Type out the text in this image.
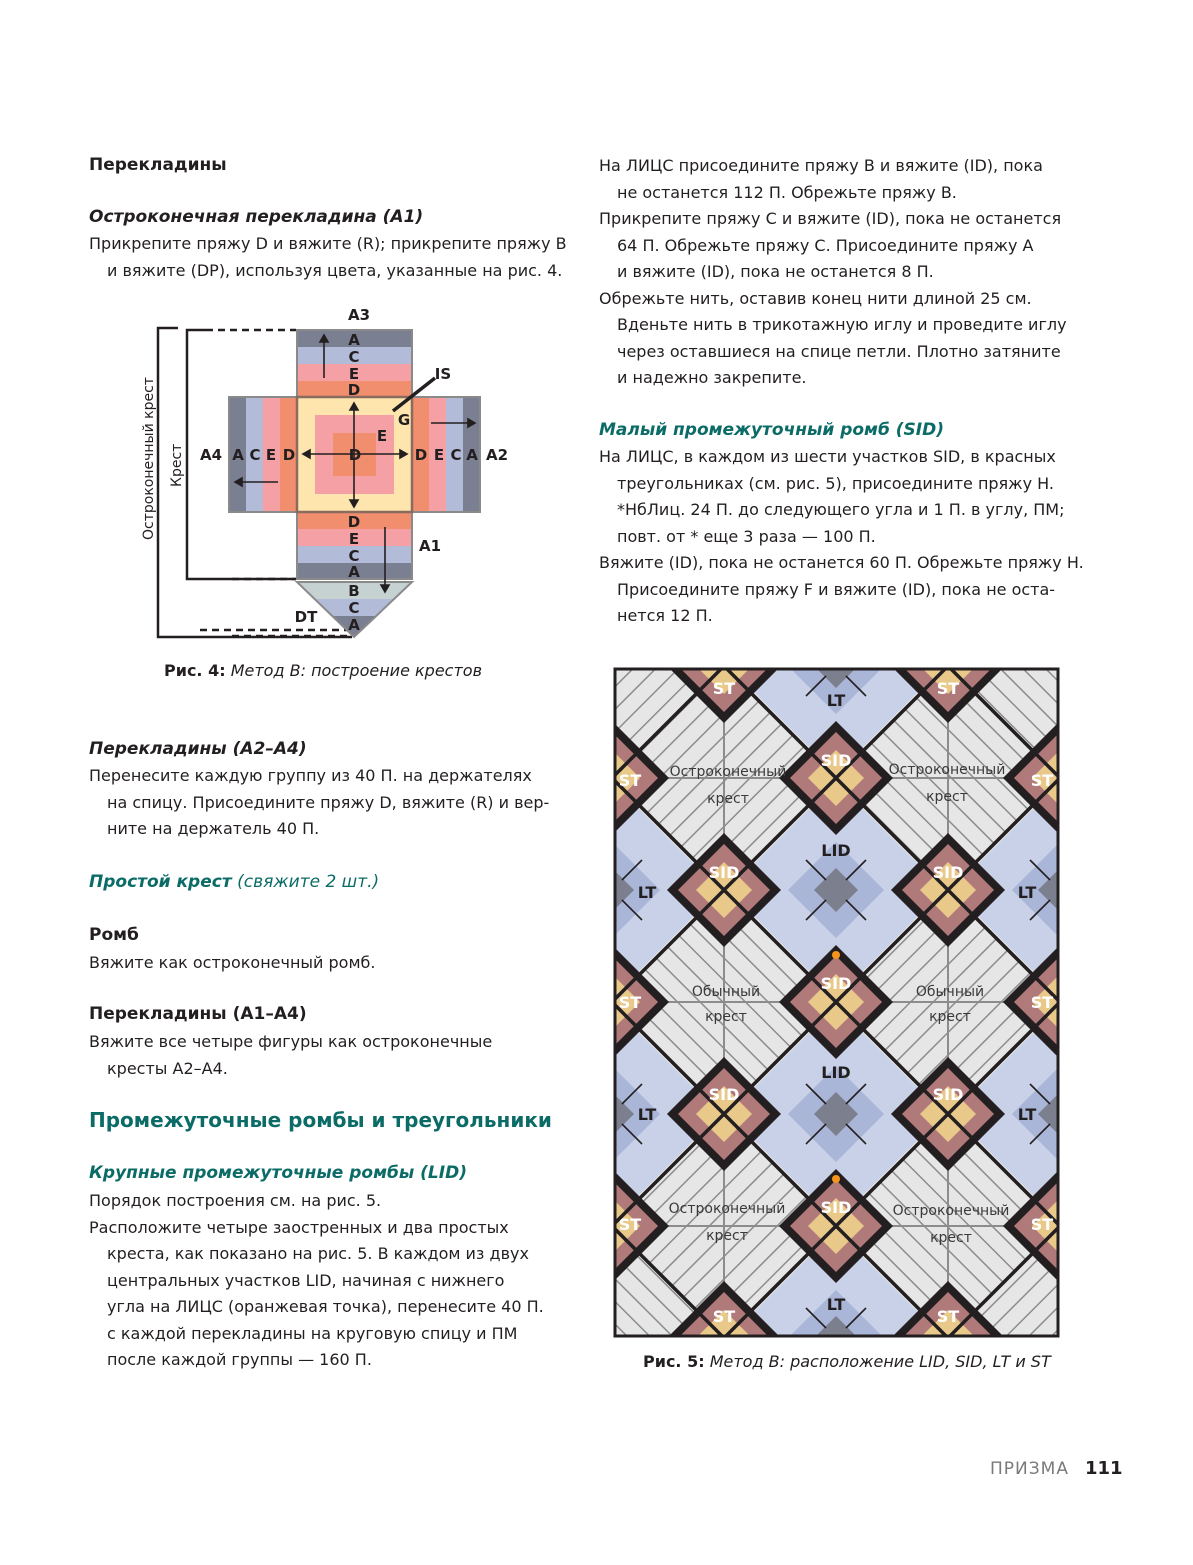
Перекладины
Остроконечная перекладина (A1)
Прикрепите пряжу D и вяжите (R); прикрепите пряжу B
и вяжите (DP), используя цвета, указанные на рис. 4.
Остроконечный крест Крест
A3
A
C
E
D
IS
G
E
D
A4 A C E D	D E C A A2
D
E
C
A
A1
B
C
A
DT
Рис. 4: Метод B: построение крестов
Перекладины (A2–A4)
Перенесите каждую группу из 40 П. на держателях
на спицу. Присоедините пряжу D, вяжите (R) и вер-
ните на держатель 40 П.
Простой крест (свяжите 2 шт.)
Ромб
Вяжите как остроконечный ромб.
Перекладины (A1–A4)
Вяжите все четыре фигуры как остроконечные
кресты A2–A4.
Промежуточные ромбы и треугольники
Крупные промежуточные ромбы (LID)
Порядок построения см. на рис. 5.
Расположите четыре заостренных и два простых
креста, как показано на рис. 5. В каждом из двух
центральных участков LID, начиная с нижнего
угла на ЛИЦС (оранжевая точка), перенесите 40 П.
с каждой перекладины на круговую спицу и ПМ
после каждой группы — 160 П.
На ЛИЦС присоедините пряжу B и вяжите (ID), пока
не останется 112 П. Обрежьте пряжу B.
Прикрепите пряжу C и вяжите (ID), пока не останется
64 П. Обрежьте пряжу C. Присоедините пряжу A
и вяжите (ID), пока не останется 8 П.
Обрежьте нить, оставив конец нити длиной 25 см.
Вденьте нить в трикотажную иглу и проведите иглу
через оставшиеся на спице петли. Плотно затяните
и надежно закрепите.
Малый промежуточный ромб (SID)
На ЛИЦС, в каждом из шести участков SID, в красных
треугольниках (см. рис. 5), присоедините пряжу H.
*НбЛиц. 24 П. до следующего угла и 1 П. в углу, ПМ;
повт. от * еще 3 раза — 100 П.
Вяжите (ID), пока не останется 60 П. Обрежьте пряжу H.
Присоедините пряжу F и вяжите (ID), пока не оста-
нется 12 П.
ST	ST
LT
ST	ST
SID
LID
SID	SID
LT	LT
SID
ST	ST
LID
SID	SID
LT	LT
SID
ST	ST
LT
ST	ST
Остроконечный
крест
Остроконечный
крест
Обычный
крест
Обычный
крест
Остроконечный
крест
Остроконечный
крест
Рис. 5: Метод B: расположение LID, SID, LT и ST
ПРИЗМА 111
